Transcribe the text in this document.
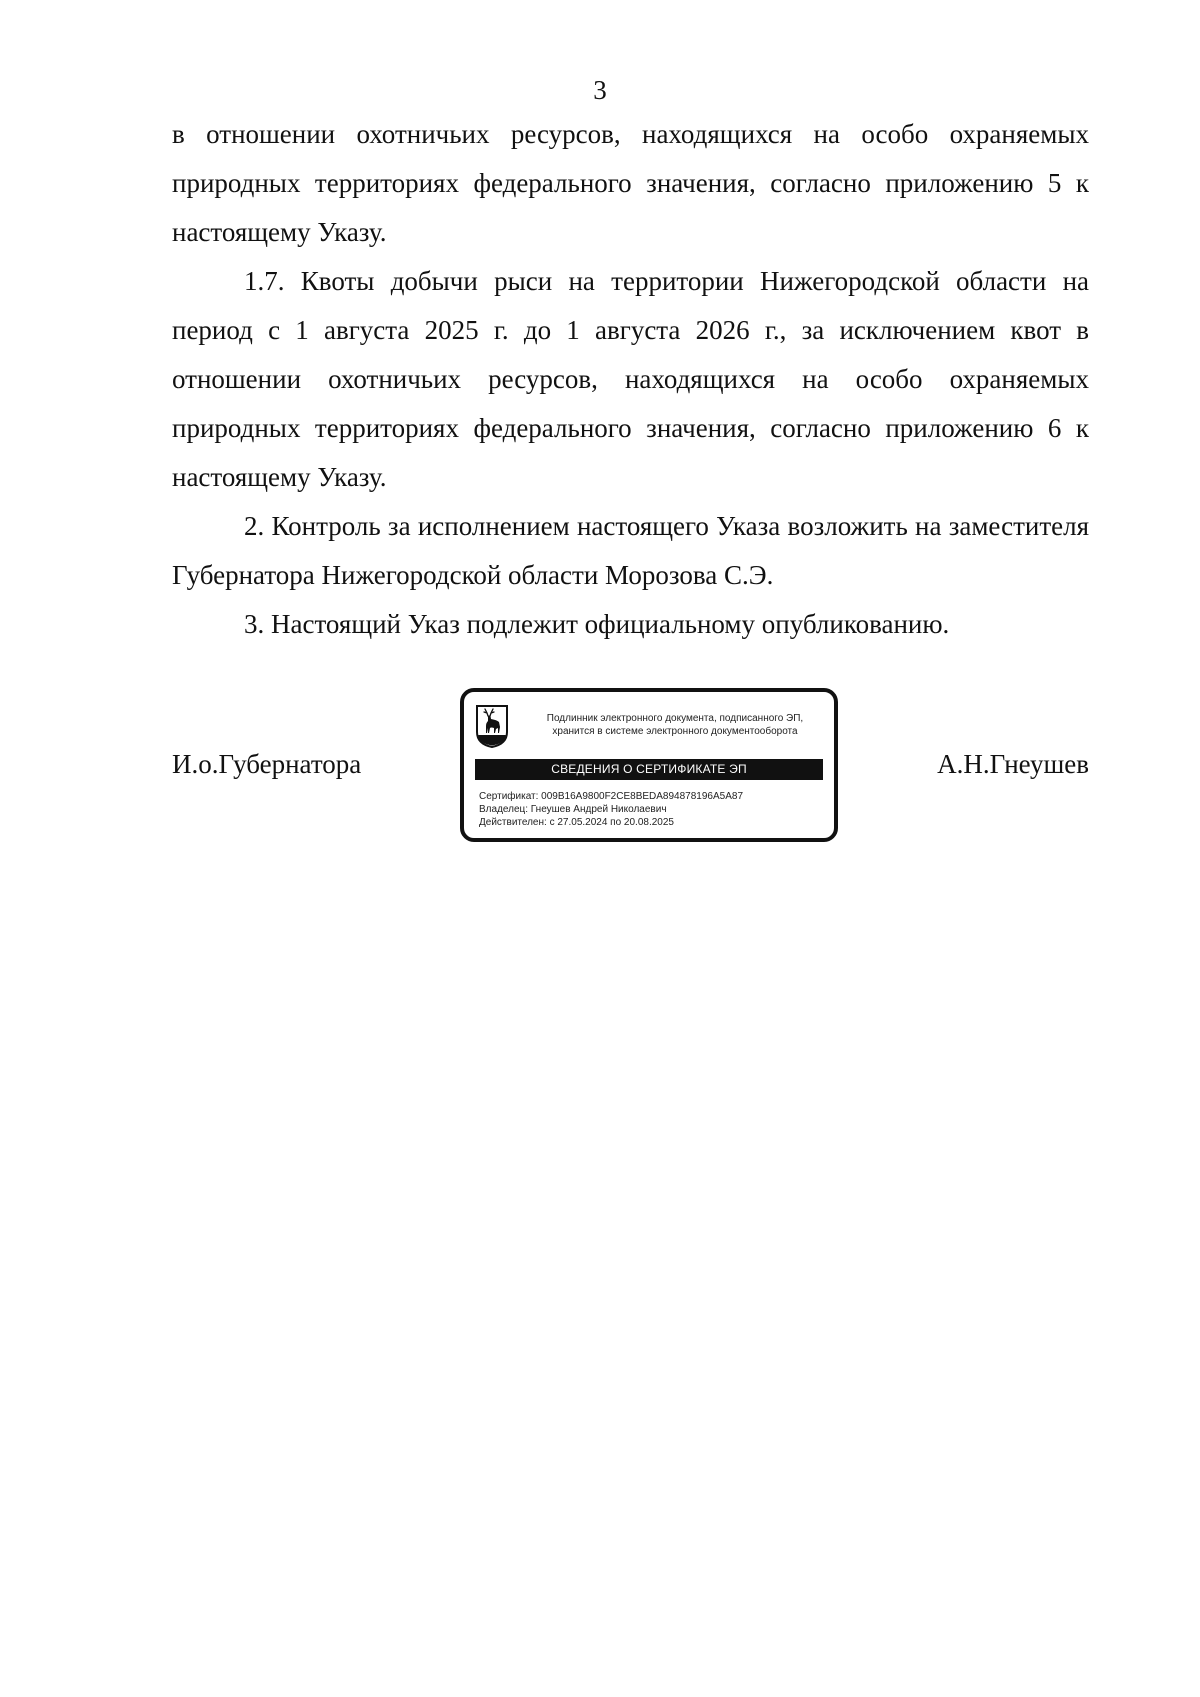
3

в отношении охотничьих ресурсов, находящихся на особо охраняемых природных территориях федерального значения, согласно приложению 5 к настоящему Указу.

1.7. Квоты добычи рыси на территории Нижегородской области на период с 1 августа 2025 г. до 1 августа 2026 г., за исключением квот в отношении охотничьих ресурсов, находящихся на особо охраняемых природных территориях федерального значения, согласно приложению 6 к настоящему Указу.

2. Контроль за исполнением настоящего Указа возложить на заместителя Губернатора Нижегородской области Морозова С.Э.

3. Настоящий Указ подлежит официальному опубликованию.

И.о.Губернатора
Подлинник электронного документа, подписанного ЭП,
хранится в системе электронного документооборота
СВЕДЕНИЯ О СЕРТИФИКАТЕ ЭП
Сертификат: 009B16A9800F2CE8BEDA894878196A5A87
Владелец: Гнеушев Андрей Николаевич
Действителен: с 27.05.2024 по 20.08.2025
А.Н.Гнеушев
